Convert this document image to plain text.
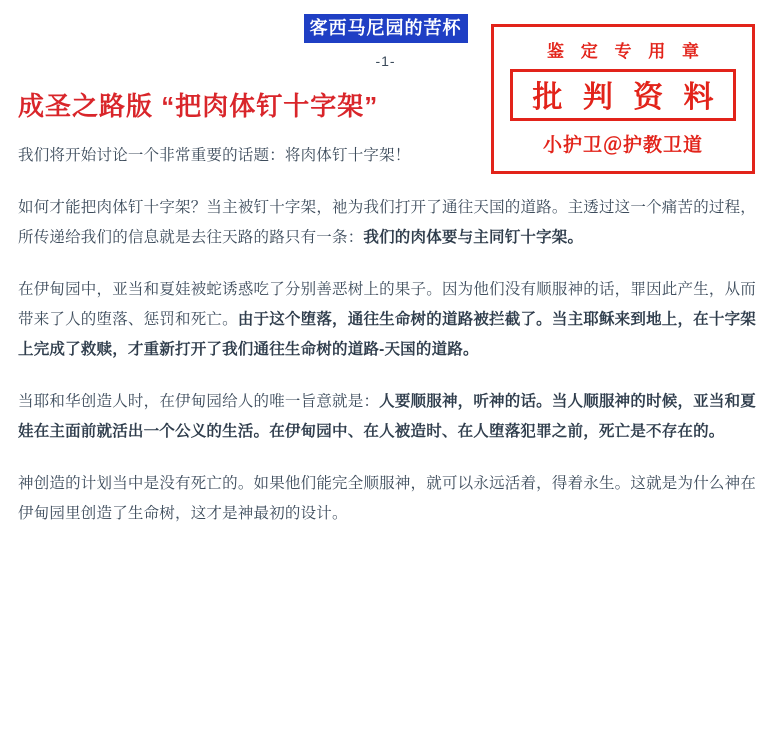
客西马尼园的苦杯
-1-
成圣之路版 “把肉体钉十字架”
我们将开始讨论一个非常重要的话题：将肉体钉十字架！
如何才能把肉体钉十字架？当主被钉十字架，祂为我们打开了通往天国的道路。主透过这一个痛苦的过程，所传递给我们的信息就是去往天路的路只有一条：我们的肉体要与主同钉十字架。
在伊甸园中，亚当和夏娃被蛇诱惑吃了分别善恶树上的果子。因为他们没有顺服神的话，罪因此产生，从而带来了人的堕落、惩罚和死亡。由于这个堕落，通往生命树的道路被拦截了。当主耶稣来到地上，在十字架上完成了救赎，才重新打开了我们通往生命树的道路-天国的道路。
当耶和华创造人时，在伊甸园给人的唯一旨意就是：人要顺服神，听神的话。当人顺服神的时候，亚当和夏娃在主面前就活出一个公义的生活。在伊甸园中、在人被造时、在人堕落犯罪之前，死亡是不存在的。
神创造的计划当中是没有死亡的。如果他们能完全顺服神，就可以永远活着，得着永生。这就是为什么神在伊甸园里创造了生命树，这才是神最初的设计。
鉴 定 专 用 章
批 判 资 料
小护卫＠护教卫道
